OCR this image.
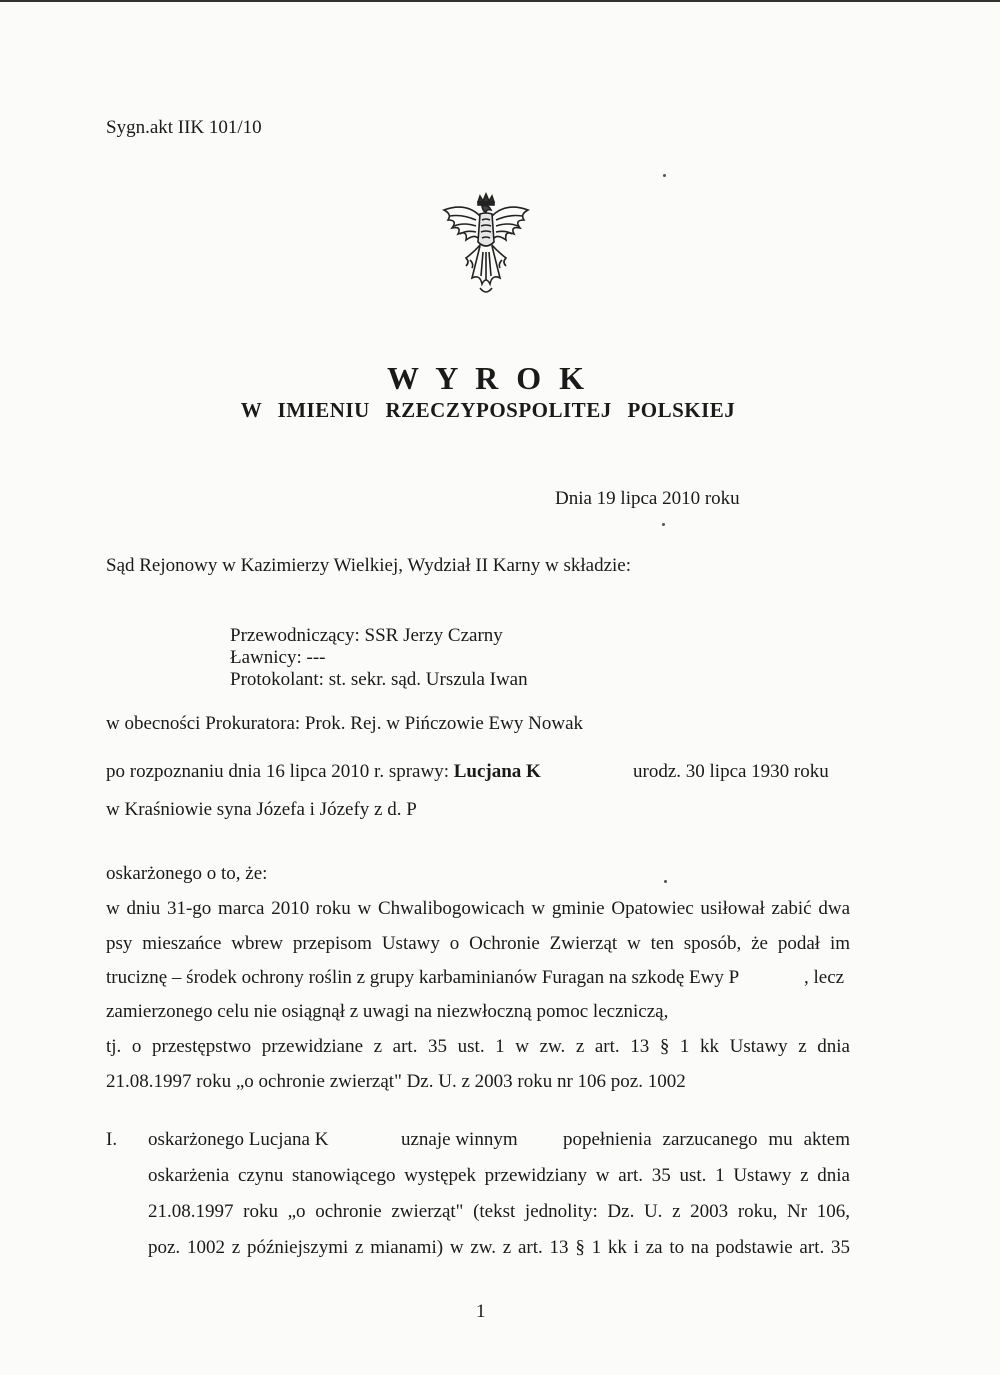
Sygn.akt IIK 101/10
W Y R O K
W IMIENIU RZECZYPOSPOLITEJ POLSKIEJ
Dnia 19 lipca 2010 roku
Sąd Rejonowy w Kazimierzy Wielkiej, Wydział II Karny w składzie:
Przewodniczący: SSR Jerzy Czarny
Ławnicy: ---
Protokolant: st. sekr. sąd. Urszula Iwan
w obecności Prokuratora: Prok. Rej. w Pińczowie Ewy Nowak
po rozpoznaniu dnia 16 lipca 2010 r. sprawy: Lucjana K	urodz. 30 lipca 1930 roku
w Kraśniowie syna Józefa i Józefy z d. P
oskarżonego o to, że:
w dniu 31-go marca 2010 roku w Chwalibogowicach w gminie Opatowiec usiłował zabić dwa
psy mieszańce wbrew przepisom Ustawy o Ochronie Zwierząt w ten sposób, że podał im
truciznę – środek ochrony roślin z grupy karbaminianów Furagan na szkodę Ewy P	, lecz
zamierzonego celu nie osiągnął z uwagi na niezwłoczną pomoc leczniczą,
tj. o przestępstwo przewidziane z art. 35 ust. 1 w zw. z art. 13 § 1 kk Ustawy z dnia
21.08.1997 roku „o ochronie zwierząt" Dz. U. z 2003 roku nr 106 poz. 1002
I. oskarżonego Lucjana K	uznaje winnym popełnienia zarzucanego mu aktem
oskarżenia czynu stanowiącego występek przewidziany w art. 35 ust. 1 Ustawy z dnia
21.08.1997 roku „o ochronie zwierząt" (tekst jednolity: Dz. U. z 2003 roku, Nr 106,
poz. 1002 z późniejszymi z mianami) w zw. z art. 13 § 1 kk i za to na podstawie art. 35
1
